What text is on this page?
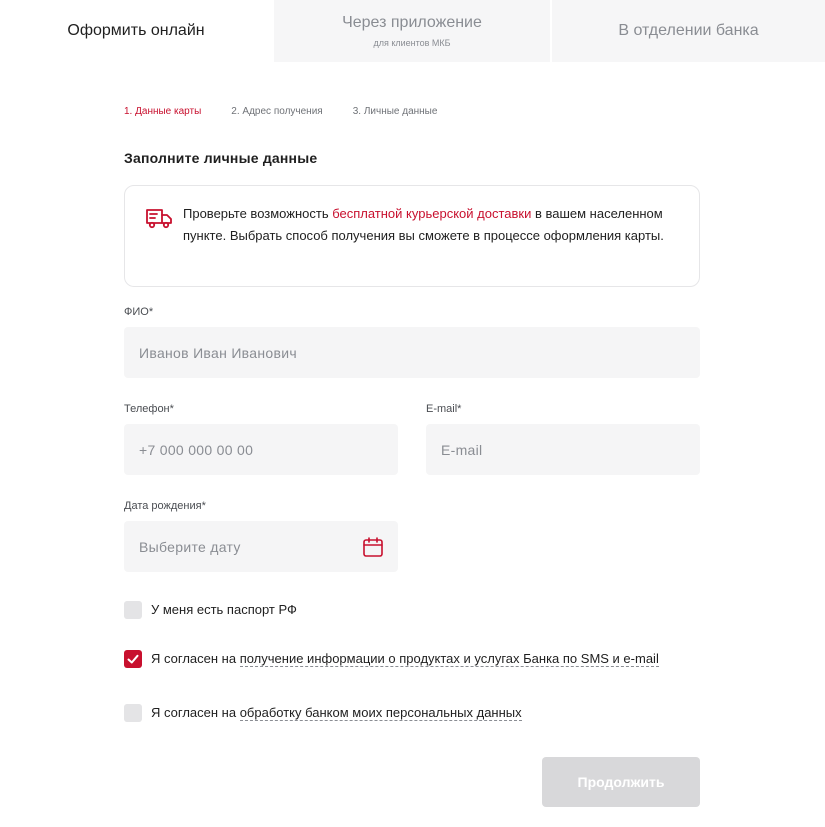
Оформить онлайн	Через приложение
для клиентов МКБ
В отделении банка
1. Данные карты	2. Адрес получения	3. Личные данные
Заполните личные данные
Проверьте возможность бесплатной курьерской доставки в вашем населенном пункте. Выбрать способ получения вы сможете в процессе оформления карты.
ФИО*
Иванов Иван Иванович
Телефон*
+7 000 000 00 00
E-mail*
E-mail
Дата рождения*
Выберите дату
У меня есть паспорт РФ
Я согласен на получение информации о продуктах и услугах Банка по SMS и e-mail
Я согласен на обработку банком моих персональных данных
Продолжить
